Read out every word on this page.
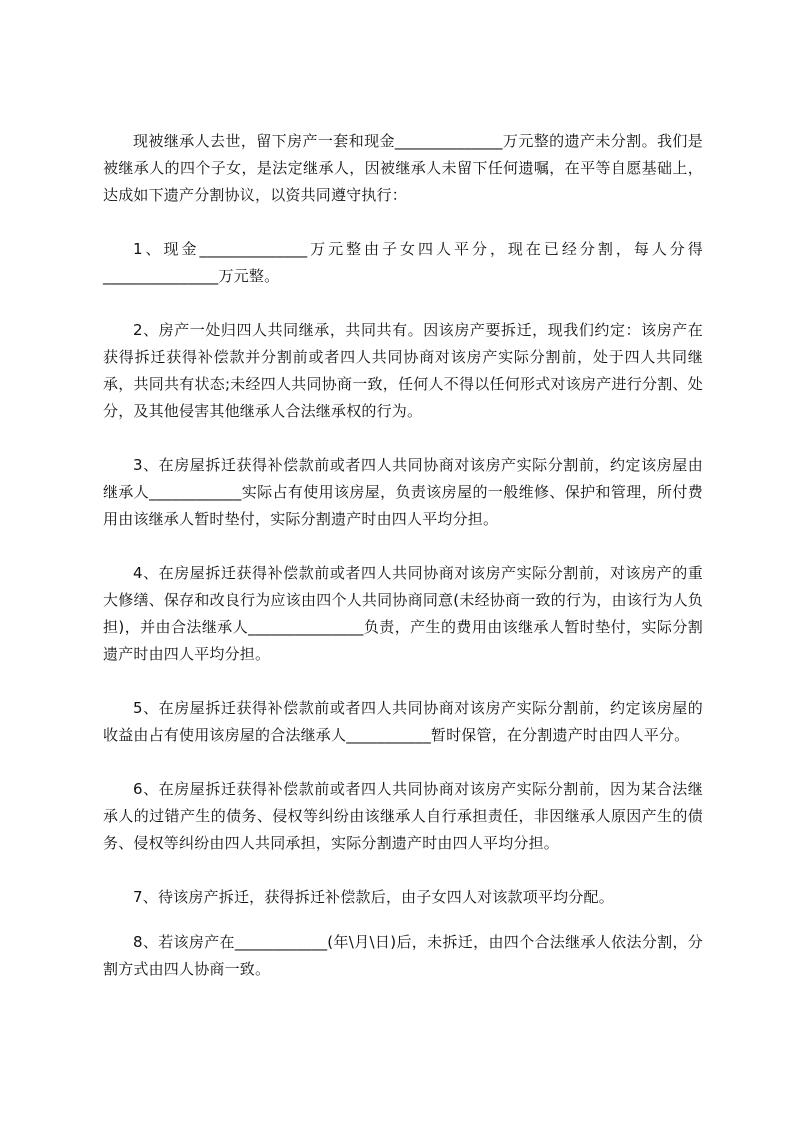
现被继承人去世，留下房产一套和现金______________万元整的遗产未分割。我们是被继承人的四个子女，是法定继承人，因被继承人未留下任何遗嘱，在平等自愿基础上，达成如下遗产分割协议，以资共同遵守执行：

1、现金______________万元整由子女四人平分，现在已经分割，每人分得_______________万元整。

2、房产一处归四人共同继承，共同共有。因该房产要拆迁，现我们约定：该房产在获得拆迁获得补偿款并分割前或者四人共同协商对该房产实际分割前，处于四人共同继承，共同共有状态;未经四人共同协商一致，任何人不得以任何形式对该房产进行分割、处分，及其他侵害其他继承人合法继承权的行为。

3、在房屋拆迁获得补偿款前或者四人共同协商对该房产实际分割前，约定该房屋由继承人____________实际占有使用该房屋，负责该房屋的一般维修、保护和管理，所付费用由该继承人暂时垫付，实际分割遗产时由四人平均分担。

4、在房屋拆迁获得补偿款前或者四人共同协商对该房产实际分割前，对该房产的重大修缮、保存和改良行为应该由四个人共同协商同意(未经协商一致的行为，由该行为人负担)，并由合法继承人_______________负责，产生的费用由该继承人暂时垫付，实际分割遗产时由四人平均分担。

5、在房屋拆迁获得补偿款前或者四人共同协商对该房产实际分割前，约定该房屋的收益由占有使用该房屋的合法继承人___________暂时保管，在分割遗产时由四人平分。

6、在房屋拆迁获得补偿款前或者四人共同协商对该房产实际分割前，因为某合法继承人的过错产生的债务、侵权等纠纷由该继承人自行承担责任，非因继承人原因产生的债务、侵权等纠纷由四人共同承担，实际分割遗产时由四人平均分担。

7、待该房产拆迁，获得拆迁补偿款后，由子女四人对该款项平均分配。

8、若该房产在____________(年\月\日)后，未拆迁，由四个合法继承人依法分割，分割方式由四人协商一致。
